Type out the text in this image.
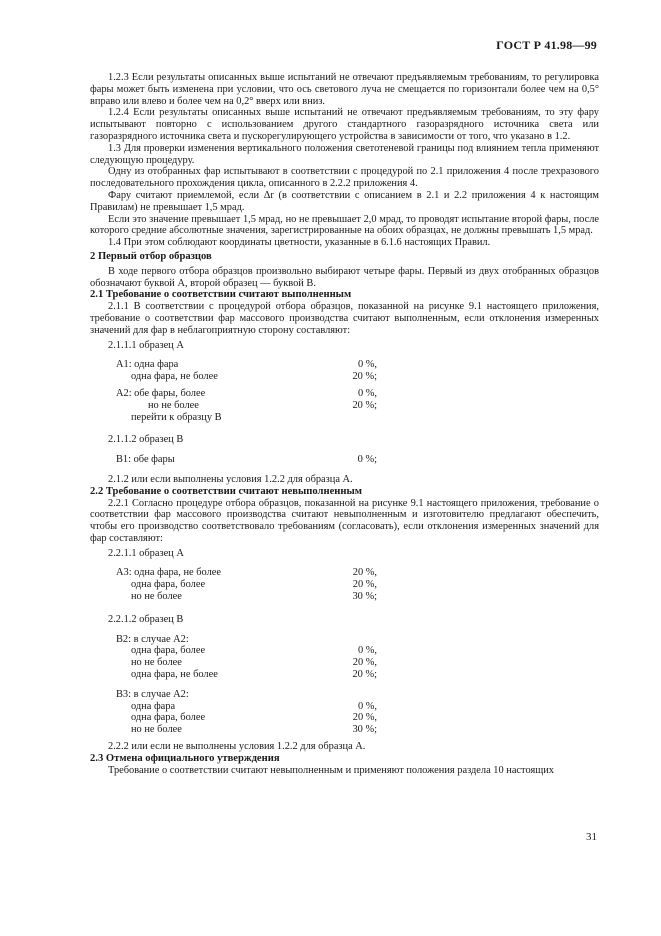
ГОСТ Р 41.98—99

1.2.3 Если результаты описанных выше испытаний не отвечают предъявляемым требованиям, то регулировка фары может быть изменена при условии, что ось светового луча не смещается по горизонтали более чем на 0,5° вправо или влево и более чем на 0,2° вверх или вниз.

1.2.4 Если результаты описанных выше испытаний не отвечают предъявляемым требованиям, то эту фару испытывают повторно с использованием другого стандартного газоразрядного источника света или газоразрядного источника света и пускорегулирующего устройства в зависимости от того, что указано в 1.2.

1.3 Для проверки изменения вертикального положения светотеневой границы под влиянием тепла применяют следующую процедуру.

Одну из отобранных фар испытывают в соответствии с процедурой по 2.1 приложения 4 после трехразового последовательного прохождения цикла, описанного в 2.2.2 приложения 4.

Фару считают приемлемой, если Δr (в соответствии с описанием в 2.1 и 2.2 приложения 4 к настоящим Правилам) не превышает 1,5 мрад.

Если это значение превышает 1,5 мрад, но не превышает 2,0 мрад, то проводят испытание второй фары, после которого средние абсолютные значения, зарегистрированные на обоих образцах, не должны превышать 1,5 мрад.

1.4 При этом соблюдают координаты цветности, указанные в 6.1.6 настоящих Правил.

2 Первый отбор образцов

В ходе первого отбора образцов произвольно выбирают четыре фары. Первый из двух отобранных образцов обозначают буквой А, второй образец — буквой В.

2.1 Требование о соответствии считают выполненным

2.1.1 В соответствии с процедурой отбора образцов, показанной на рисунке 9.1 настоящего приложения, требование о соответствии фар массового производства считают выполненным, если отклонения измеренных значений для фар в неблагоприятную сторону составляют:

2.1.1.1 образец А
А1: одна фара	0 %,
одна фара, не более	20 %;
А2: обе фары, более	0 %,
но не более	20 %;
перейти к образцу В
2.1.1.2 образец В
В1: обе фары	0 %;

2.1.2 или если выполнены условия 1.2.2 для образца А.

2.2 Требование о соответствии считают невыполненным

2.2.1 Согласно процедуре отбора образцов, показанной на рисунке 9.1 настоящего приложения, требование о соответствии фар массового производства считают невыполненным и изготовителю предлагают обеспечить, чтобы его производство соответствовало требованиям (согласовать), если отклонения измеренных значений для фар составляют:

2.2.1.1 образец А
А3: одна фара, не более	20 %,
одна фара, более	20 %,
но не более	30 %;
2.2.1.2 образец В
В2: в случае А2:
одна фара, более	0 %,
но не более	20 %,
одна фара, не более	20 %;
В3: в случае А2:
одна фара	0 %,
одна фара, более	20 %,
но не более	30 %;

2.2.2 или если не выполнены условия 1.2.2 для образца А.

2.3 Отмена официального утверждения

Требование о соответствии считают невыполненным и применяют положения раздела 10 настоящих

31
